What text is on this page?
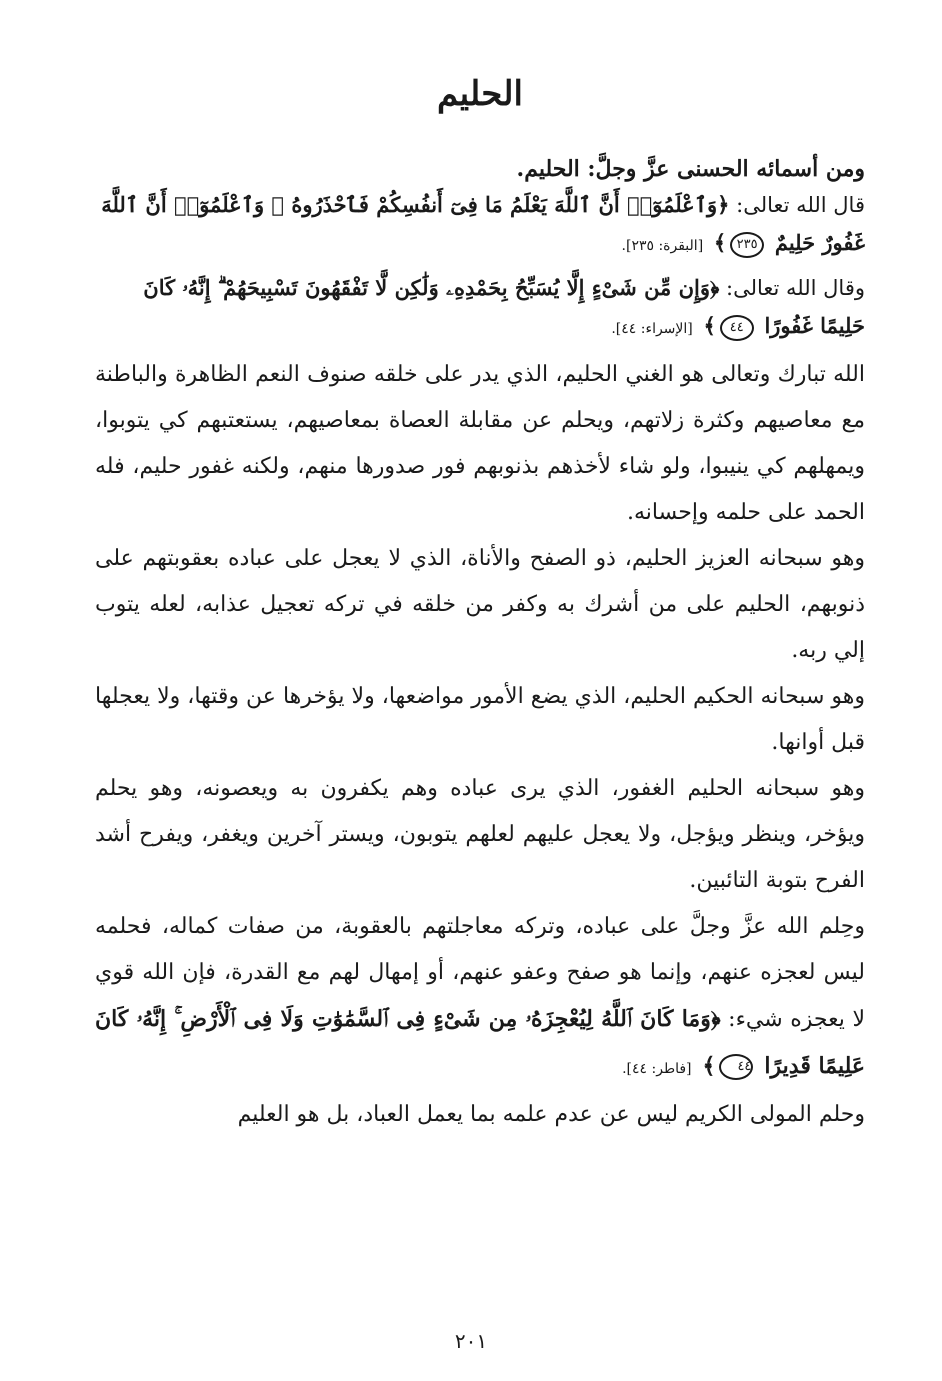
الحليم

ومن أسمائه الحسنى عزَّ وجلَّ: الحليم.

قال الله تعالى: ﴿وَٱعْلَمُوٓا۟ أَنَّ ٱللَّهَ يَعْلَمُ مَا فِىٓ أَنفُسِكُمْ فَٱحْذَرُوهُ ۚ وَٱعْلَمُوٓا۟ أَنَّ ٱللَّهَ غَفُورٌ حَلِيمٌ ٢٣٥﴾ [البقرة: ٢٣٥].

وقال الله تعالى: ﴿وَإِن مِّن شَىْءٍ إِلَّا يُسَبِّحُ بِحَمْدِهِۦ وَلَٰكِن لَّا تَفْقَهُونَ تَسْبِيحَهُمْ ۗ إِنَّهُۥ كَانَ حَلِيمًا غَفُورًا ٤٤﴾ [الإسراء: ٤٤].

الله تبارك وتعالى هو الغني الحليم، الذي يدر على خلقه صنوف النعم الظاهرة والباطنة مع معاصيهم وكثرة زلاتهم، ويحلم عن مقابلة العصاة بمعاصيهم، يستعتبهم كي يتوبوا، ويمهلهم كي ينيبوا، ولو شاء لأخذهم بذنوبهم فور صدورها منهم، ولكنه غفور حليم، فله الحمد على حلمه وإحسانه.

وهو سبحانه العزيز الحليم، ذو الصفح والأناة، الذي لا يعجل على عباده بعقوبتهم على ذنوبهم، الحليم على من أشرك به وكفر من خلقه في تركه تعجيل عذابه، لعله يتوب إلي ربه.

وهو سبحانه الحكيم الحليم، الذي يضع الأمور مواضعها، ولا يؤخرها عن وقتها، ولا يعجلها قبل أوانها.

وهو سبحانه الحليم الغفور، الذي يرى عباده وهم يكفرون به ويعصونه، وهو يحلم ويؤخر، وينظر ويؤجل، ولا يعجل عليهم لعلهم يتوبون، ويستر آخرين ويغفر، ويفرح أشد الفرح بتوبة التائبين.

وحِلم الله عزَّ وجلَّ على عباده، وتركه معاجلتهم بالعقوبة، من صفات كماله، فحلمه ليس لعجزه عنهم، وإنما هو صفح وعفو عنهم، أو إمهال لهم مع القدرة، فإن الله قوي لا يعجزه شيء: ﴿وَمَا كَانَ ٱللَّهُ لِيُعْجِزَهُۥ مِن شَىْءٍ فِى ٱلسَّمَٰوَٰتِ وَلَا فِى ٱلْأَرْضِ ۚ إِنَّهُۥ كَانَ عَلِيمًا قَدِيرًا ٤٤﴾ [فاطر: ٤٤].

وحلم المولى الكريم ليس عن عدم علمه بما يعمل العباد، بل هو العليم

٢٠١
